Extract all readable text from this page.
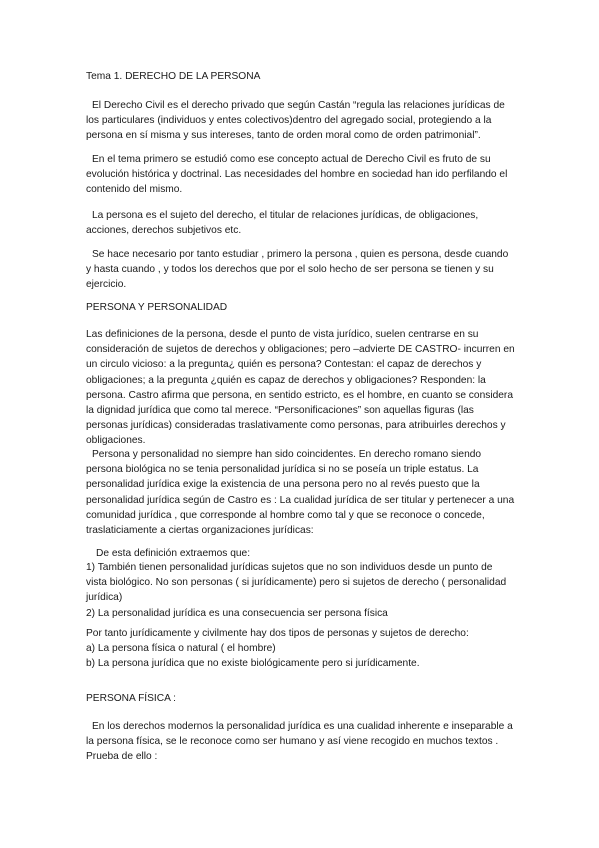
Tema 1. DERECHO DE LA PERSONA

El Derecho Civil es el derecho privado que según Castán “regula las relaciones jurídicas de los particulares (individuos y entes colectivos)dentro del agregado social, protegiendo a la persona en sí misma y sus intereses, tanto de orden moral como de orden patrimonial”.

En el tema primero se estudió como ese concepto actual de Derecho Civil es fruto de su evolución histórica y doctrinal. Las necesidades del hombre en sociedad han ido perfilando el contenido del mismo.

La persona es el sujeto del derecho, el titular de relaciones jurídicas, de obligaciones, acciones, derechos subjetivos etc.

Se hace necesario por tanto estudiar , primero la persona , quien es persona, desde cuando y hasta cuando , y todos los derechos que por el solo hecho de ser persona se tienen y su ejercicio.

PERSONA Y PERSONALIDAD

Las definiciones de la persona, desde el punto de vista jurídico, suelen centrarse en su consideración de sujetos de derechos y obligaciones; pero –advierte DE CASTRO- incurren en un circulo vicioso: a la pregunta¿ quién es persona? Contestan: el capaz de derechos y obligaciones; a la pregunta ¿quién es capaz de derechos y obligaciones? Responden: la persona. Castro afirma que persona, en sentido estricto, es el hombre, en cuanto se considera la dignidad jurídica que como tal merece. “Personificaciones” son aquellas figuras (las personas jurídicas) consideradas traslativamente como personas, para atribuirles derechos y obligaciones.

Persona y personalidad no siempre han sido coincidentes. En derecho romano siendo persona biológica no se tenia personalidad jurídica si no se poseía un triple estatus. La personalidad jurídica exige la existencia de una persona pero no al revés puesto que la personalidad jurídica según de Castro es : La cualidad jurídica de ser titular y pertenecer a una comunidad jurídica , que corresponde al hombre como tal y que se reconoce o concede, traslaticiamente a ciertas organizaciones jurídicas:

De esta definición extraemos que:

1) También tienen personalidad jurídicas sujetos que no son individuos desde un punto de vista biológico. No son personas ( si jurídicamente) pero si sujetos de derecho ( personalidad jurídica)
2) La personalidad jurídica es una consecuencia ser persona física

Por tanto jurídicamente y civilmente hay dos tipos de personas y sujetos de derecho:

a) La persona física o natural ( el hombre)
b) La persona jurídica que no existe biológicamente pero si jurídicamente.

PERSONA FÍSICA :

En los derechos modernos la personalidad jurídica es una cualidad inherente e inseparable a la persona física, se le reconoce como ser humano y así viene recogido en muchos textos . Prueba de ello :
